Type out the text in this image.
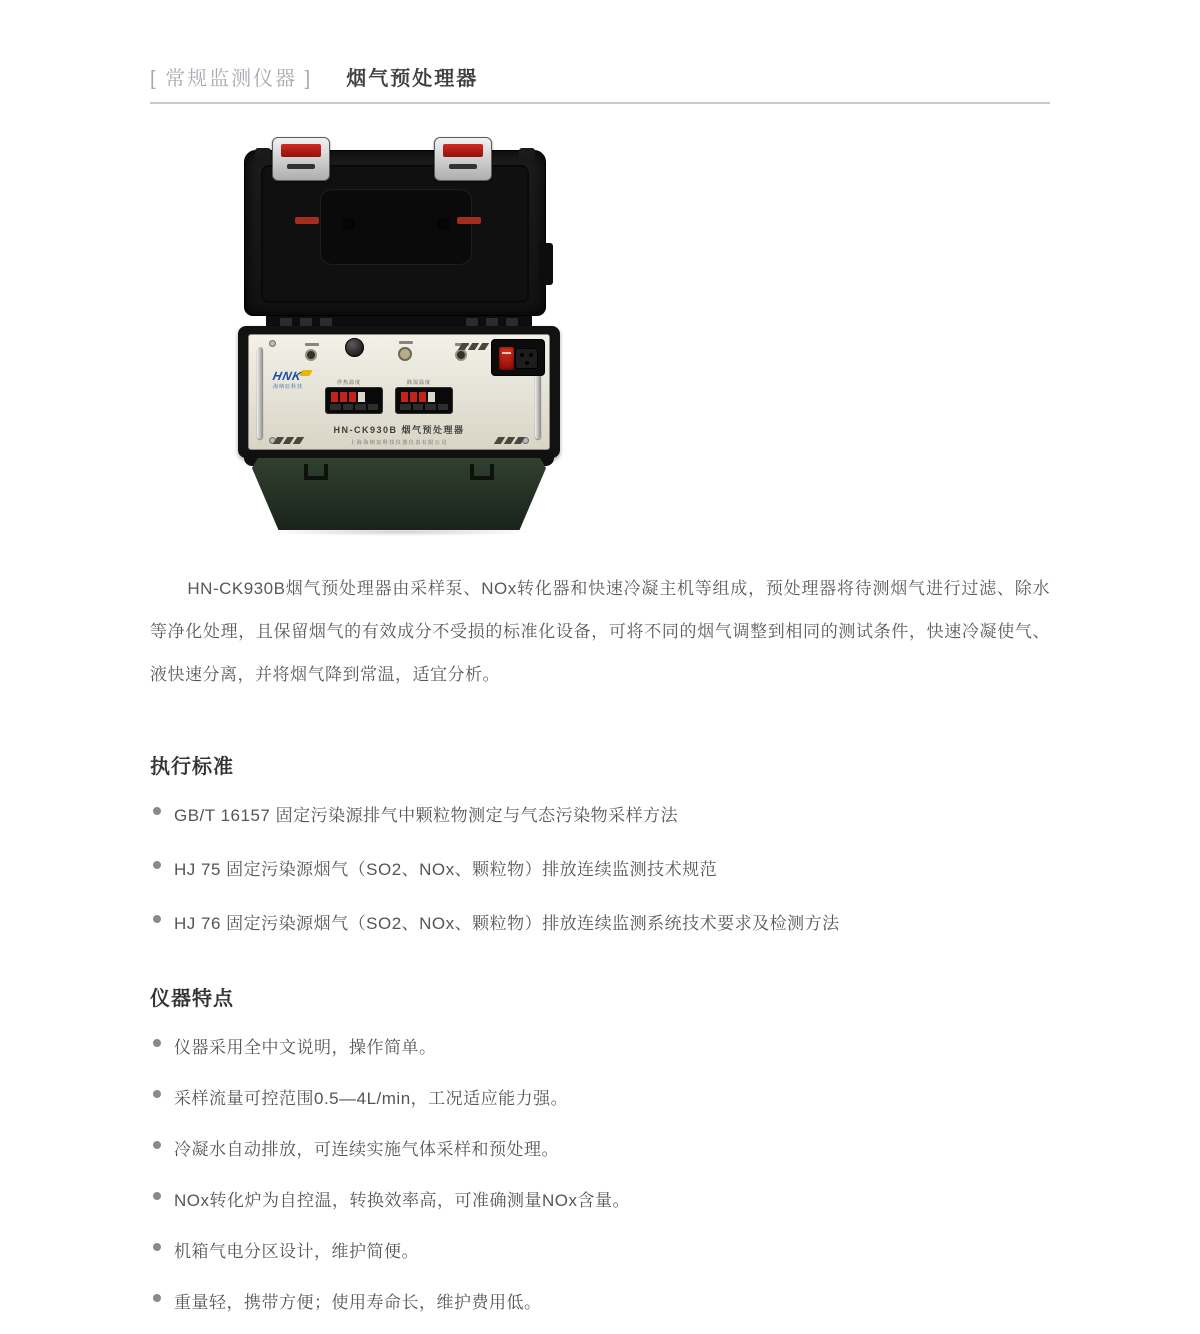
[ 常规监测仪器 ] 烟气预处理器
HNK
海纳辰科技
伴热温度	除湿温度
HN-CK930B 烟气预处理器
上海海纳辰科技仪器仪表有限公司

HN-CK930B烟气预处理器由采样泵、NOx转化器和快速冷凝主机等组成，预处理器将待测烟气进行过滤、除水等净化处理，且保留烟气的有效成分不受损的标准化设备，可将不同的烟气调整到相同的测试条件，快速冷凝使气、液快速分离，并将烟气降到常温，适宜分析。

执行标准
GB/T 16157 固定污染源排气中颗粒物测定与气态污染物采样方法
HJ 75 固定污染源烟气（SO2、NOx、颗粒物）排放连续监测技术规范
HJ 76 固定污染源烟气（SO2、NOx、颗粒物）排放连续监测系统技术要求及检测方法
仪器特点
仪器采用全中文说明，操作简单。
采样流量可控范围0.5—4L/min，工况适应能力强。
冷凝水自动排放，可连续实施气体采样和预处理。
NOx转化炉为自控温，转换效率高，可准确测量NOx含量。
机箱气电分区设计，维护简便。
重量轻，携带方便；使用寿命长，维护费用低。
